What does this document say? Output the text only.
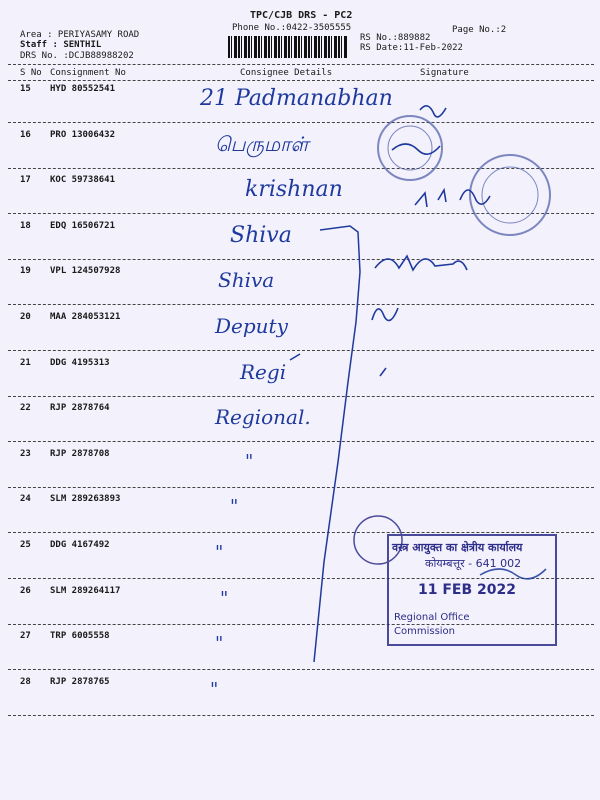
TPC/CJB DRS - PC2
Phone No.:0422-3505555	Page No.:2
Area : PERIYASAMY ROAD
Staff : SENTHIL
DRS No. :DCJB88988202
RS No.:889882
RS Date:11-Feb-2022
S No Consignment No	Consignee Details	Signature
15 HYD 80552541	21 Padmanabhan
16 PRO 13006432	பெருமாள்
17 KOC 59738641	krishnan
18 EDQ 16506721	Shiva
19 VPL 124507928	Shiva
20 MAA 284053121	Deputy
21 DDG 4195313	Regi
22 RJP 2878764	Regional.
23 RJP 2878708	"
24 SLM 289263893	"
25 DDG 4167492	"
26 SLM 289264117	"
27 TRP 6005558	"
28 RJP 2878765	"
वस्त्र आयुक्त का क्षेत्रीय कार्यालय
कोयम्बत्तूर - 641 002
11 FEB 2022
Regional Office
Commission
